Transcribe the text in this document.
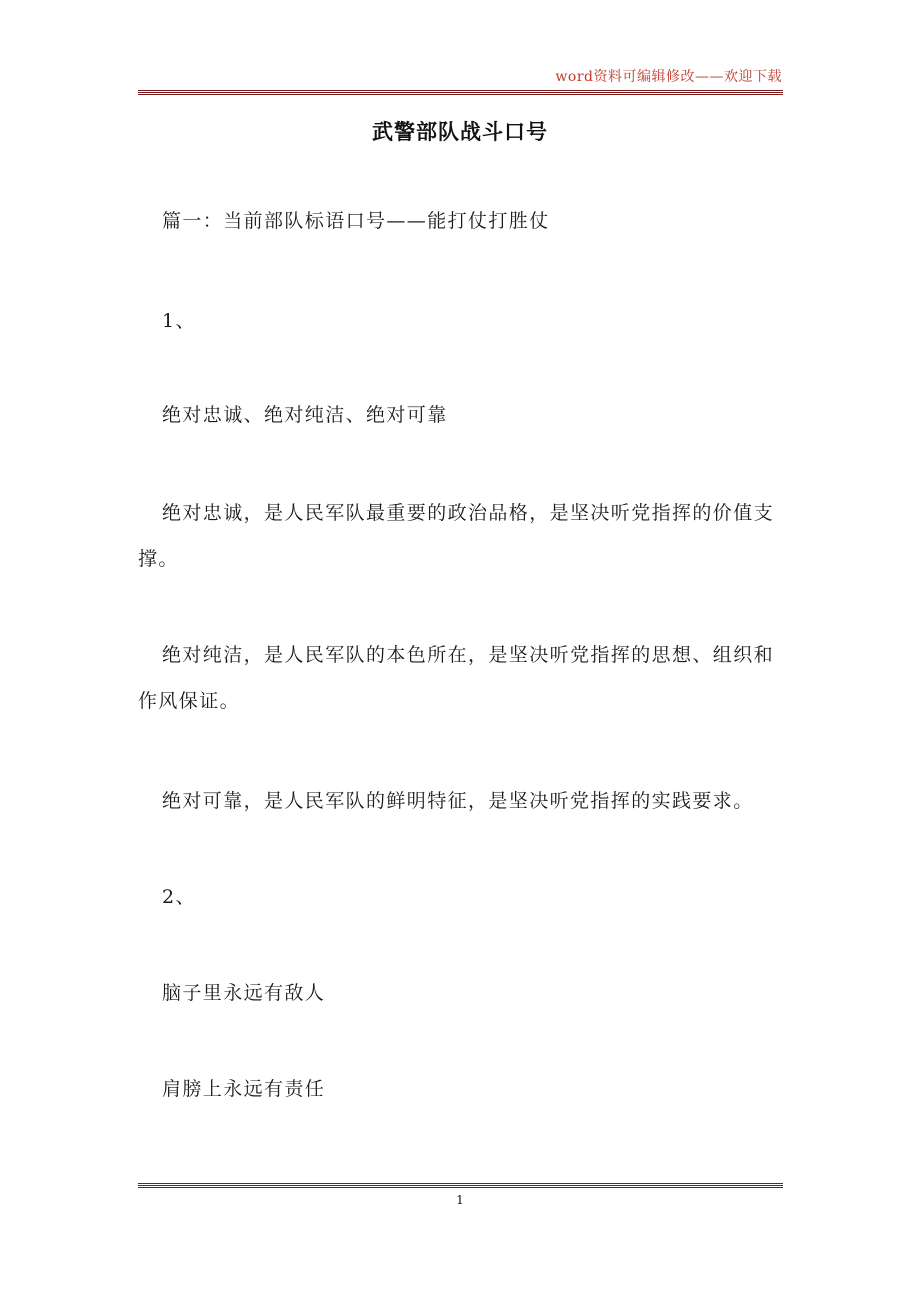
word资料可编辑修改——欢迎下载
武警部队战斗口号
篇一：当前部队标语口号——能打仗打胜仗
1、
绝对忠诚、绝对纯洁、绝对可靠
绝对忠诚，是人民军队最重要的政治品格，是坚决听党指挥的价值支撑。
绝对纯洁，是人民军队的本色所在，是坚决听党指挥的思想、组织和作风保证。
绝对可靠，是人民军队的鲜明特征，是坚决听党指挥的实践要求。
2、
脑子里永远有敌人
肩膀上永远有责任
1
